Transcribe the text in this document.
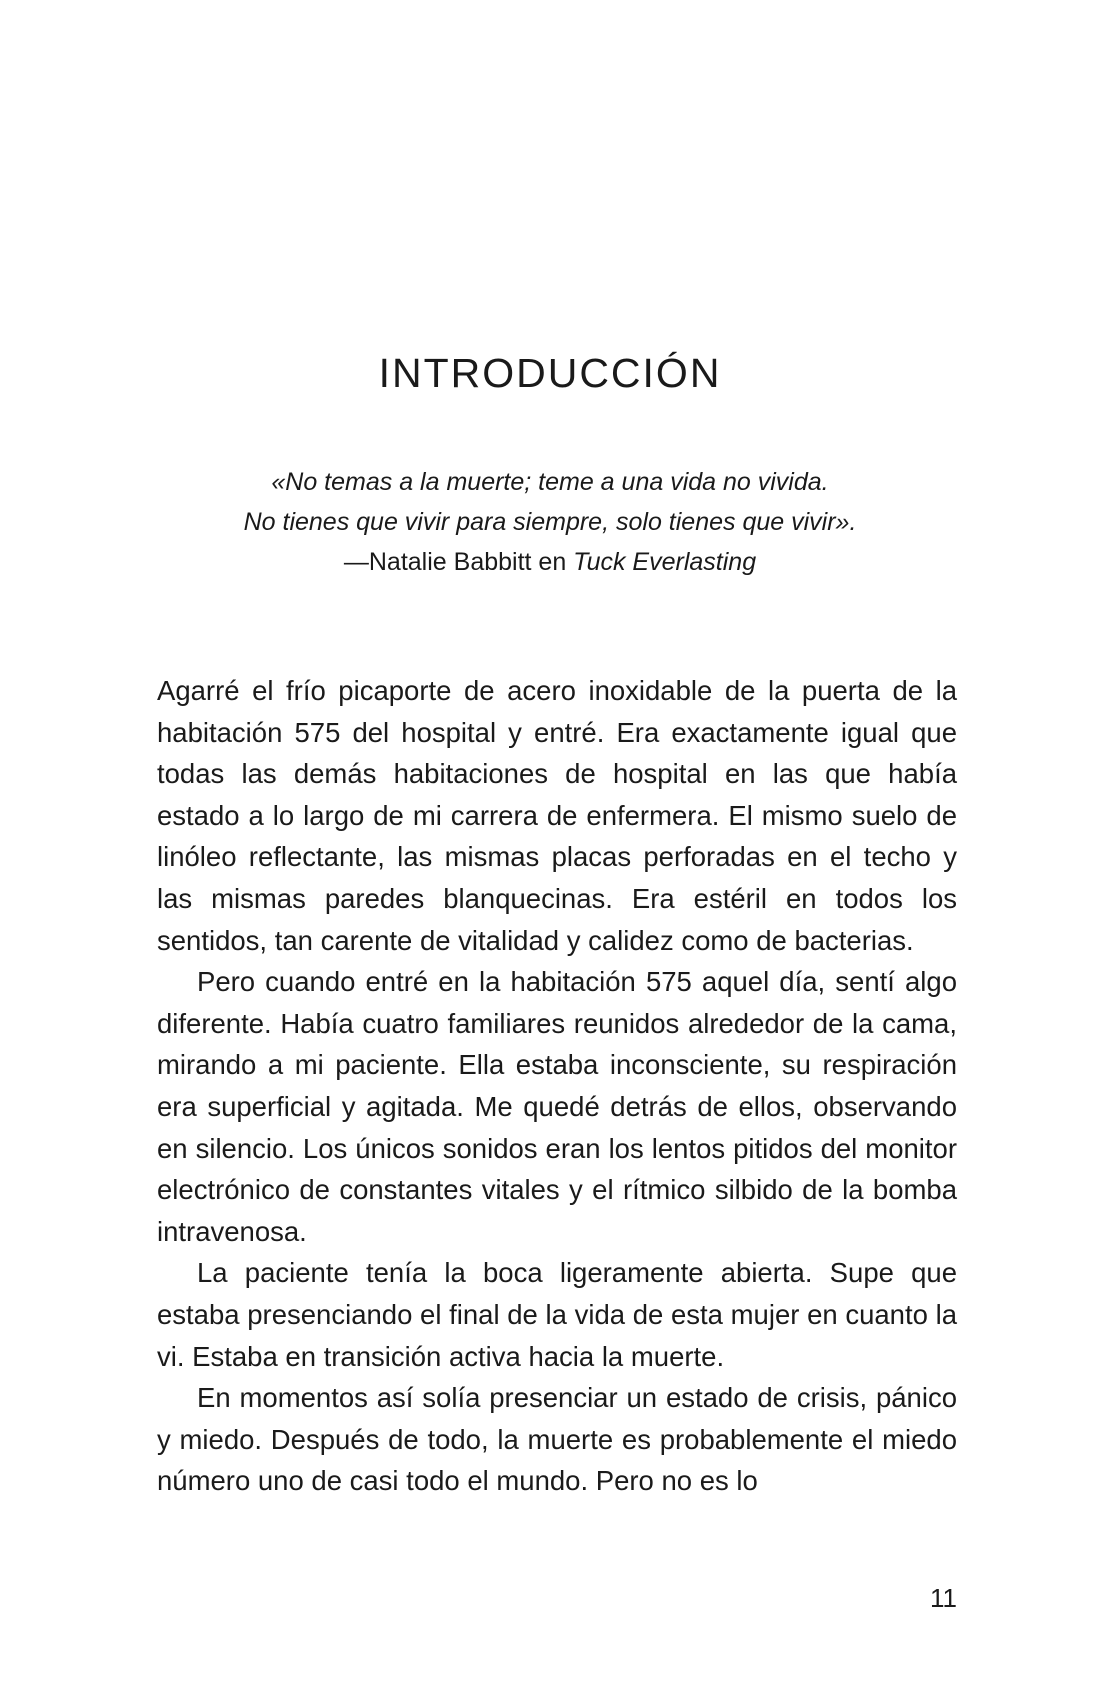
INTRODUCCIÓN
«No temas a la muerte; teme a una vida no vivida.
No tienes que vivir para siempre, solo tienes que vivir».
—Natalie Babbitt en Tuck Everlasting

Agarré el frío picaporte de acero inoxidable de la puerta de la habitación 575 del hospital y entré. Era exactamente igual que todas las demás habitaciones de hospital en las que había estado a lo largo de mi carrera de enfermera. El mismo suelo de linóleo reflectante, las mismas placas perforadas en el techo y las mismas paredes blanquecinas. Era estéril en todos los sentidos, tan carente de vitalidad y calidez como de bacterias.

Pero cuando entré en la habitación 575 aquel día, sentí algo diferente. Había cuatro familiares reunidos alrededor de la cama, mirando a mi paciente. Ella estaba inconsciente, su respiración era superficial y agitada. Me quedé detrás de ellos, observando en silencio. Los únicos sonidos eran los lentos pitidos del monitor electrónico de constantes vitales y el rítmico silbido de la bomba intravenosa.

La paciente tenía la boca ligeramente abierta. Supe que estaba presenciando el final de la vida de esta mujer en cuanto la vi. Estaba en transición activa hacia la muerte.

En momentos así solía presenciar un estado de crisis, pánico y miedo. Después de todo, la muerte es probablemente el miedo número uno de casi todo el mundo. Pero no es lo

11
